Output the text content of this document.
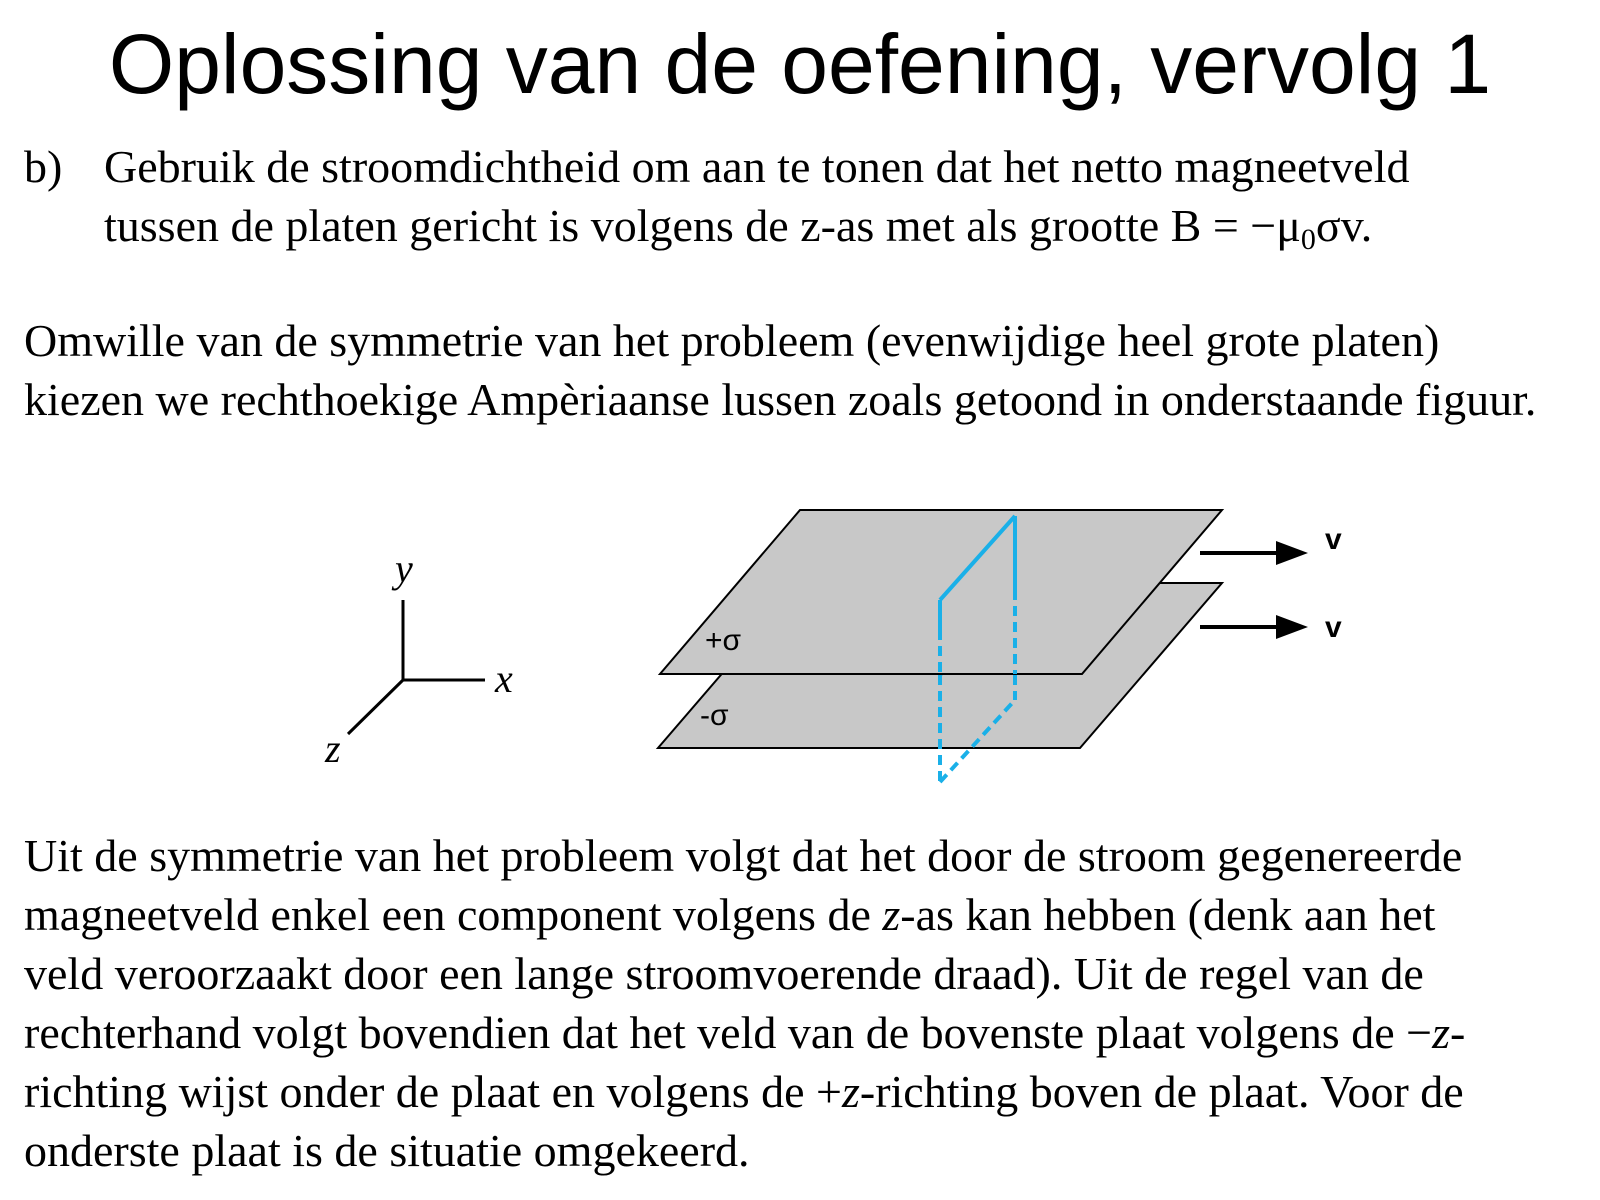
Oplossing van de oefening, vervolg 1
b) Gebruik de stroomdichtheid om aan te tonen dat het netto magneetveld
tussen de platen gericht is volgens de z-as met als grootte $B = -\mu_0\sigma v$.

Omwille van de symmetrie van het probleem (evenwijdige heel grote platen) kiezen we rechthoekige Ampèriaanse lussen zoals getoond in onderstaande figuur.

y
x
z
+σ
-σ
v
v
Uit de symmetrie van het probleem volgt dat het door de stroom gegenereerde
magneetveld enkel een component volgens de z-as kan hebben (denk aan het
veld veroorzaakt door een lange stroomvoerende draad). Uit de regel van de
rechterhand volgt bovendien dat het veld van de bovenste plaat volgens de −z-
richting wijst onder de plaat en volgens de +z-richting boven de plaat. Voor de
onderste plaat is de situatie omgekeerd.
